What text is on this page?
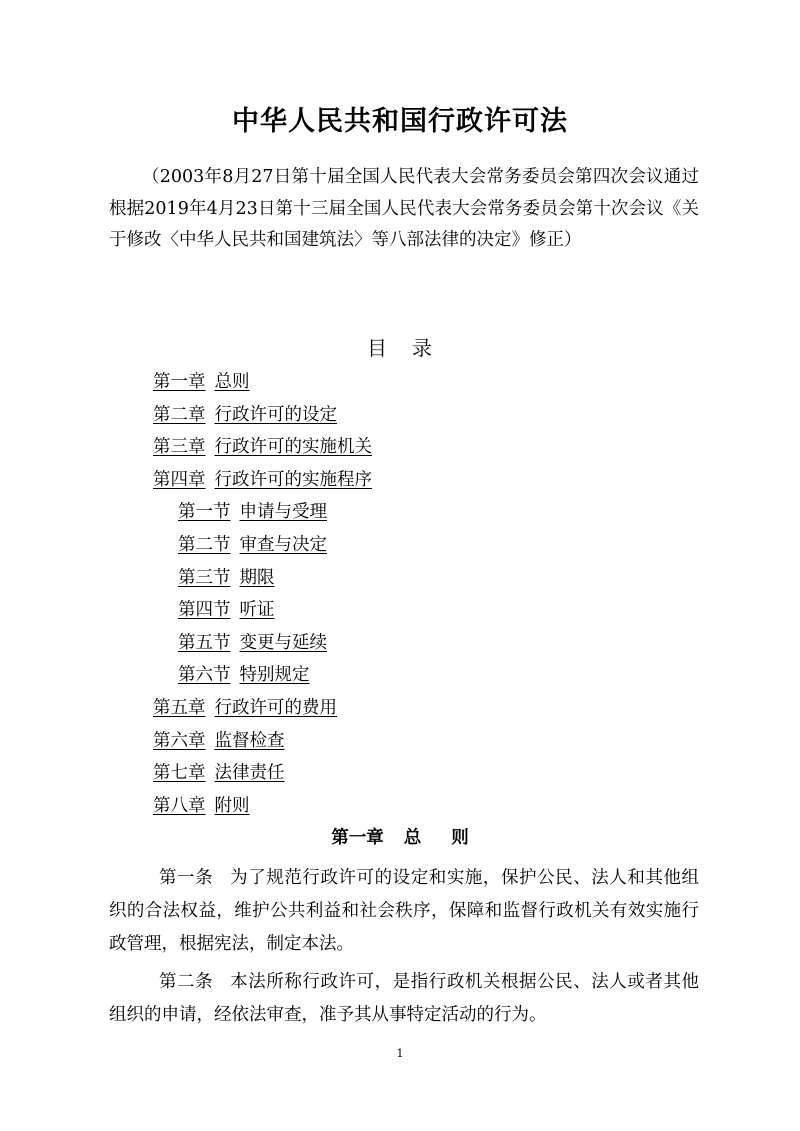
中华人民共和国行政许可法

（2003年8月27日第十届全国人民代表大会常务委员会第四次会议通过　根据2019年4月23日第十三届全国人民代表大会常务委员会第十次会议《关于修改〈中华人民共和国建筑法〉等八部法律的决定》修正）

目 录
第一章 总则
第二章 行政许可的设定
第三章 行政许可的实施机关
第四章 行政许可的实施程序
第一节 申请与受理
第二节 审查与决定
第三节 期限
第四节 听证
第五节 变更与延续
第六节 特别规定
第五章 行政许可的费用
第六章 监督检查
第七章 法律责任
第八章 附则
第一章 总 则

第一条 为了规范行政许可的设定和实施，保护公民、法人和其他组织的合法权益，维护公共利益和社会秩序，保障和监督行政机关有效实施行政管理，根据宪法，制定本法。

第二条 本法所称行政许可，是指行政机关根据公民、法人或者其他组织的申请，经依法审查，准予其从事特定活动的行为。

1
